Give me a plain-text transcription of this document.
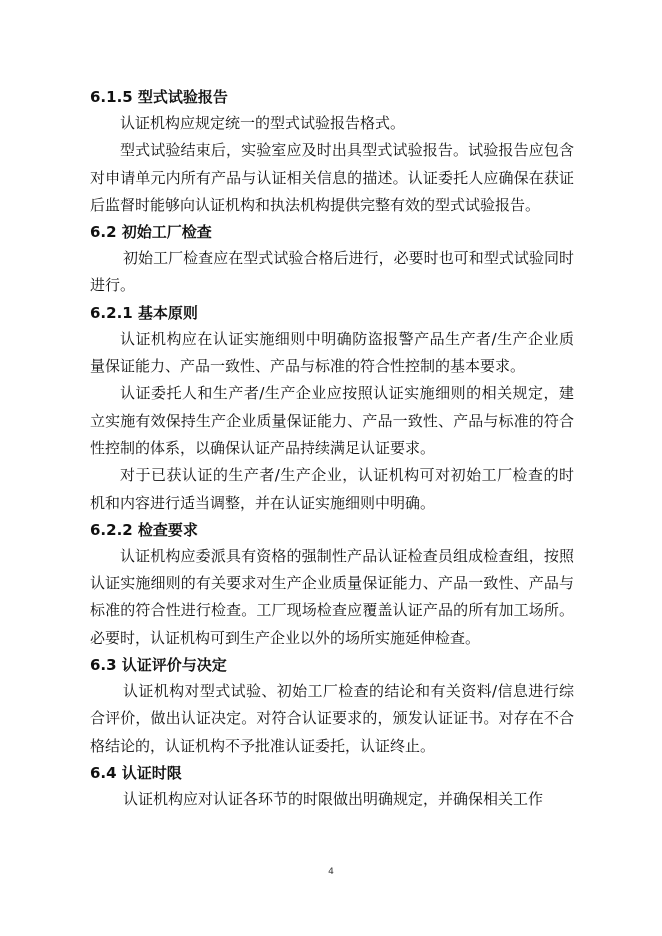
6.1.5 型式试验报告
认证机构应规定统一的型式试验报告格式。
型式试验结束后，实验室应及时出具型式试验报告。试验报告应包含对申请单元内所有产品与认证相关信息的描述。认证委托人应确保在获证后监督时能够向认证机构和执法机构提供完整有效的型式试验报告。
6.2 初始工厂检查
初始工厂检查应在型式试验合格后进行，必要时也可和型式试验同时进行。
6.2.1 基本原则
认证机构应在认证实施细则中明确防盗报警产品生产者/生产企业质量保证能力、产品一致性、产品与标准的符合性控制的基本要求。
认证委托人和生产者/生产企业应按照认证实施细则的相关规定，建立实施有效保持生产企业质量保证能力、产品一致性、产品与标准的符合性控制的体系，以确保认证产品持续满足认证要求。
对于已获认证的生产者/生产企业，认证机构可对初始工厂检查的时机和内容进行适当调整，并在认证实施细则中明确。
6.2.2 检查要求
认证机构应委派具有资格的强制性产品认证检查员组成检查组，按照认证实施细则的有关要求对生产企业质量保证能力、产品一致性、产品与标准的符合性进行检查。工厂现场检查应覆盖认证产品的所有加工场所。必要时，认证机构可到生产企业以外的场所实施延伸检查。
6.3 认证评价与决定
认证机构对型式试验、初始工厂检查的结论和有关资料/信息进行综合评价，做出认证决定。对符合认证要求的，颁发认证证书。对存在不合格结论的，认证机构不予批准认证委托，认证终止。
6.4 认证时限
认证机构应对认证各环节的时限做出明确规定，并确保相关工作
4
